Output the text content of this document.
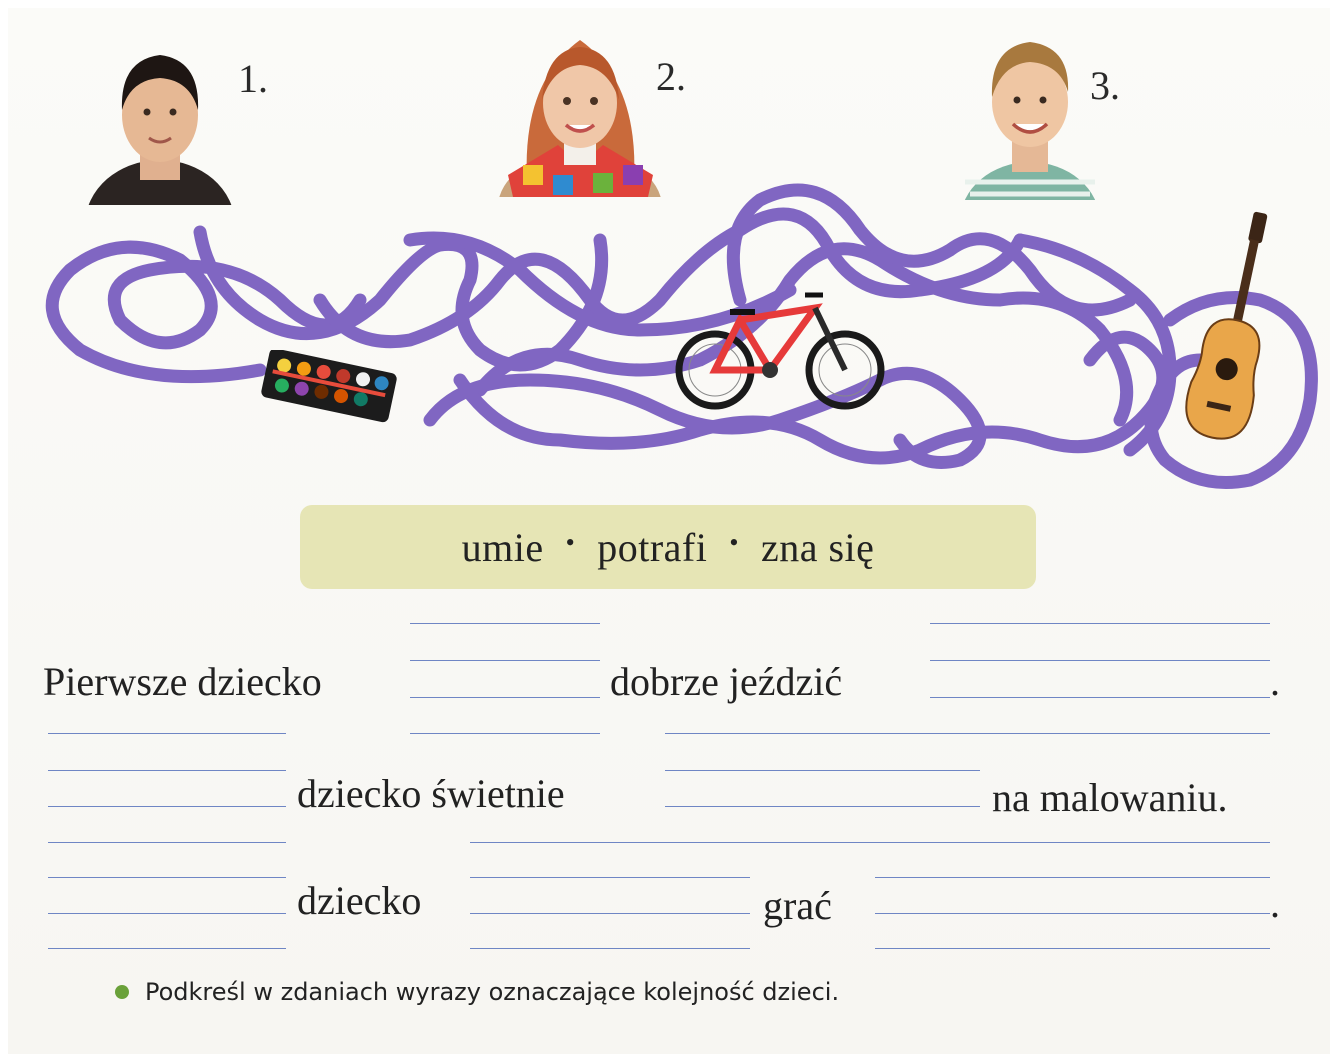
1.	2.	3.
umie • potrafi • zna się
Pierwsze dziecko	dobrze jeździć	.
dziecko świetnie	na malowaniu.
dziecko	grać	.
Podkreśl w zdaniach wyrazy oznaczające kolejność dzieci.
